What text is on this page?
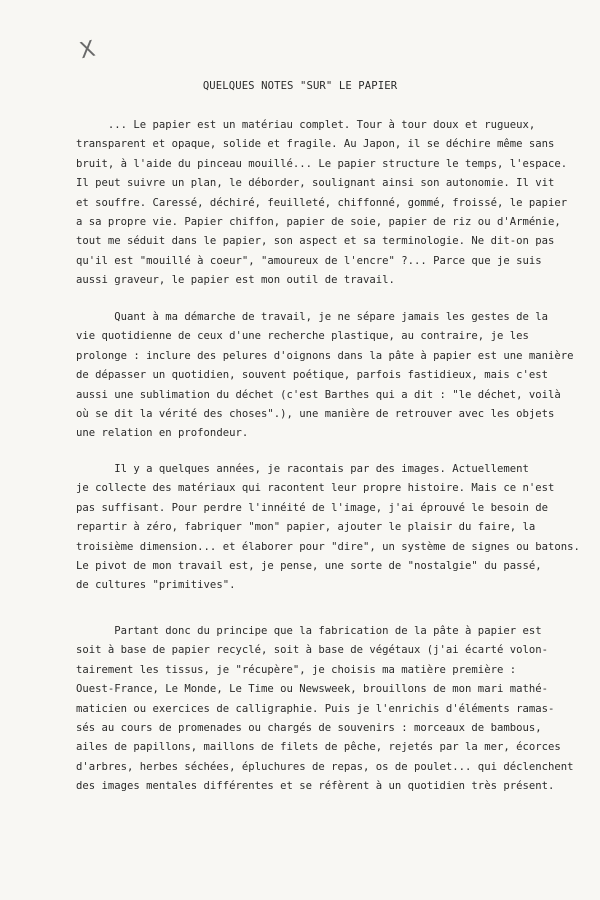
X
QUELQUES NOTES "SUR" LE PAPIER
... Le papier est un matériau complet. Tour à tour doux et rugueux,
transparent et opaque, solide et fragile. Au Japon, il se déchire même sans
bruit, à l'aide du pinceau mouillé... Le papier structure le temps, l'espace.
Il peut suivre un plan, le déborder, soulignant ainsi son autonomie. Il vit
et souffre. Caressé, déchiré, feuilleté, chiffonné, gommé, froissé, le papier
a sa propre vie. Papier chiffon, papier de soie, papier de riz ou d'Arménie,
tout me séduit dans le papier, son aspect et sa terminologie. Ne dit-on pas
qu'il est "mouillé à coeur", "amoureux de l'encre" ?... Parce que je suis
aussi graveur, le papier est mon outil de travail.
Quant à ma démarche de travail, je ne sépare jamais les gestes de la
vie quotidienne de ceux d'une recherche plastique, au contraire, je les
prolonge : inclure des pelures d'oignons dans la pâte à papier est une manière
de dépasser un quotidien, souvent poétique, parfois fastidieux, mais c'est
aussi une sublimation du déchet (c'est Barthes qui a dit : "le déchet, voilà
où se dit la vérité des choses".), une manière de retrouver avec les objets
une relation en profondeur.
Il y a quelques années, je racontais par des images. Actuellement
je collecte des matériaux qui racontent leur propre histoire. Mais ce n'est
pas suffisant. Pour perdre l'innéité de l'image, j'ai éprouvé le besoin de
repartir à zéro, fabriquer "mon" papier, ajouter le plaisir du faire, la
troisième dimension... et élaborer pour "dire", un système de signes ou batons.
Le pivot de mon travail est, je pense, une sorte de "nostalgie" du passé,
de cultures "primitives".
Partant donc du principe que la fabrication de la pâte à papier est
soit à base de papier recyclé, soit à base de végétaux (j'ai écarté volon-
tairement les tissus, je "récupère", je choisis ma matière première :
Ouest-France, Le Monde, Le Time ou Newsweek, brouillons de mon mari mathé-
maticien ou exercices de calligraphie. Puis je l'enrichis d'éléments ramas-
sés au cours de promenades ou chargés de souvenirs : morceaux de bambous,
ailes de papillons, maillons de filets de pêche, rejetés par la mer, écorces
d'arbres, herbes séchées, épluchures de repas, os de poulet... qui déclenchent
des images mentales différentes et se réfèrent à un quotidien très présent.
